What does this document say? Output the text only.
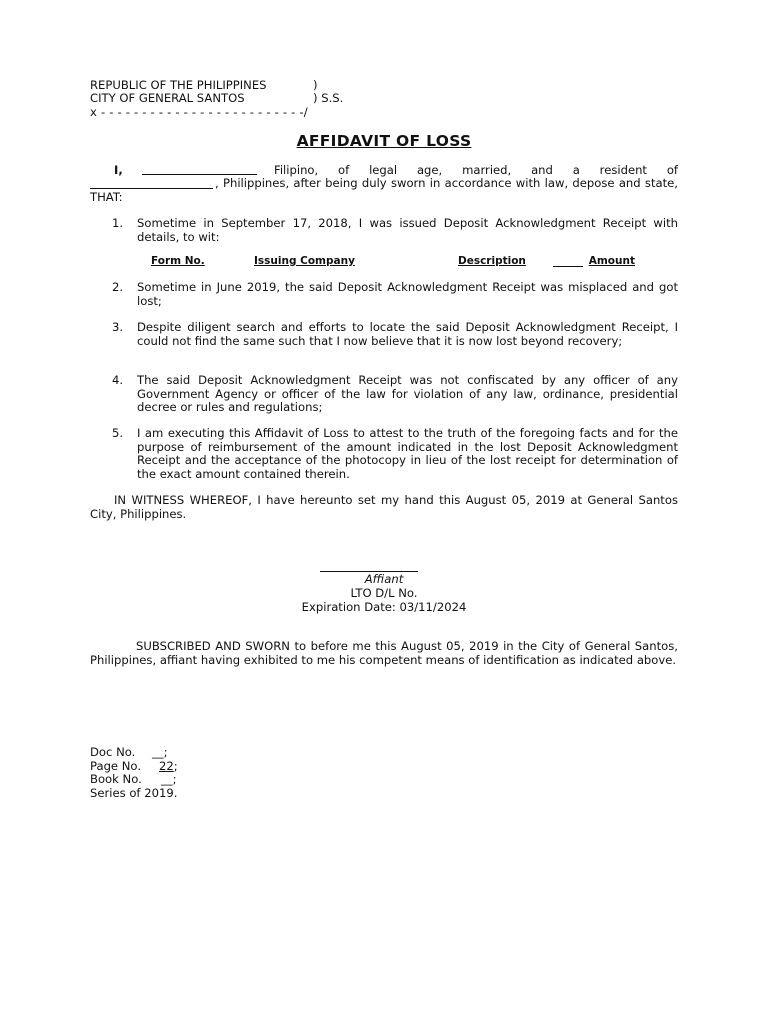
REPUBLIC OF THE PHILIPPINES	)
CITY OF GENERAL SANTOS	) S.S.
x - - - - - - - - - - - - - - - - - - - - - - - - -/
AFFIDAVIT OF LOSS
I,	Filipino, of legal age, married, and a resident of
, Philippines, after being duly sworn in accordance with law, depose and state, THAT:
1. Sometime in September 17, 2018, I was issued Deposit Acknowledgment Receipt with details, to wit:
Form No.	Issuing Company	Description	Amount
2. Sometime in June 2019, the said Deposit Acknowledgment Receipt was misplaced and got lost;
3. Despite diligent search and efforts to locate the said Deposit Acknowledgment Receipt, I could not find the same such that I now believe that it is now lost beyond recovery;
4. The said Deposit Acknowledgment Receipt was not confiscated by any officer of any Government Agency or officer of the law for violation of any law, ordinance, presidential decree or rules and regulations;
5. I am executing this Affidavit of Loss to attest to the truth of the foregoing facts and for the purpose of reimbursement of the amount indicated in the lost Deposit Acknowledgment Receipt and the acceptance of the photocopy in lieu of the lost receipt for determination of the exact amount contained therein.
IN WITNESS WHEREOF, I have hereunto set my hand this August 05, 2019 at General Santos City, Philippines.
Affiant
LTO D/L No.
Expiration Date: 03/11/2024
SUBSCRIBED AND SWORN to before me this August 05, 2019 in the City of General Santos, Philippines, affiant having exhibited to me his competent means of identification as indicated above.
Doc No. __;
Page No. 22;
Book No. __;
Series of 2019.
